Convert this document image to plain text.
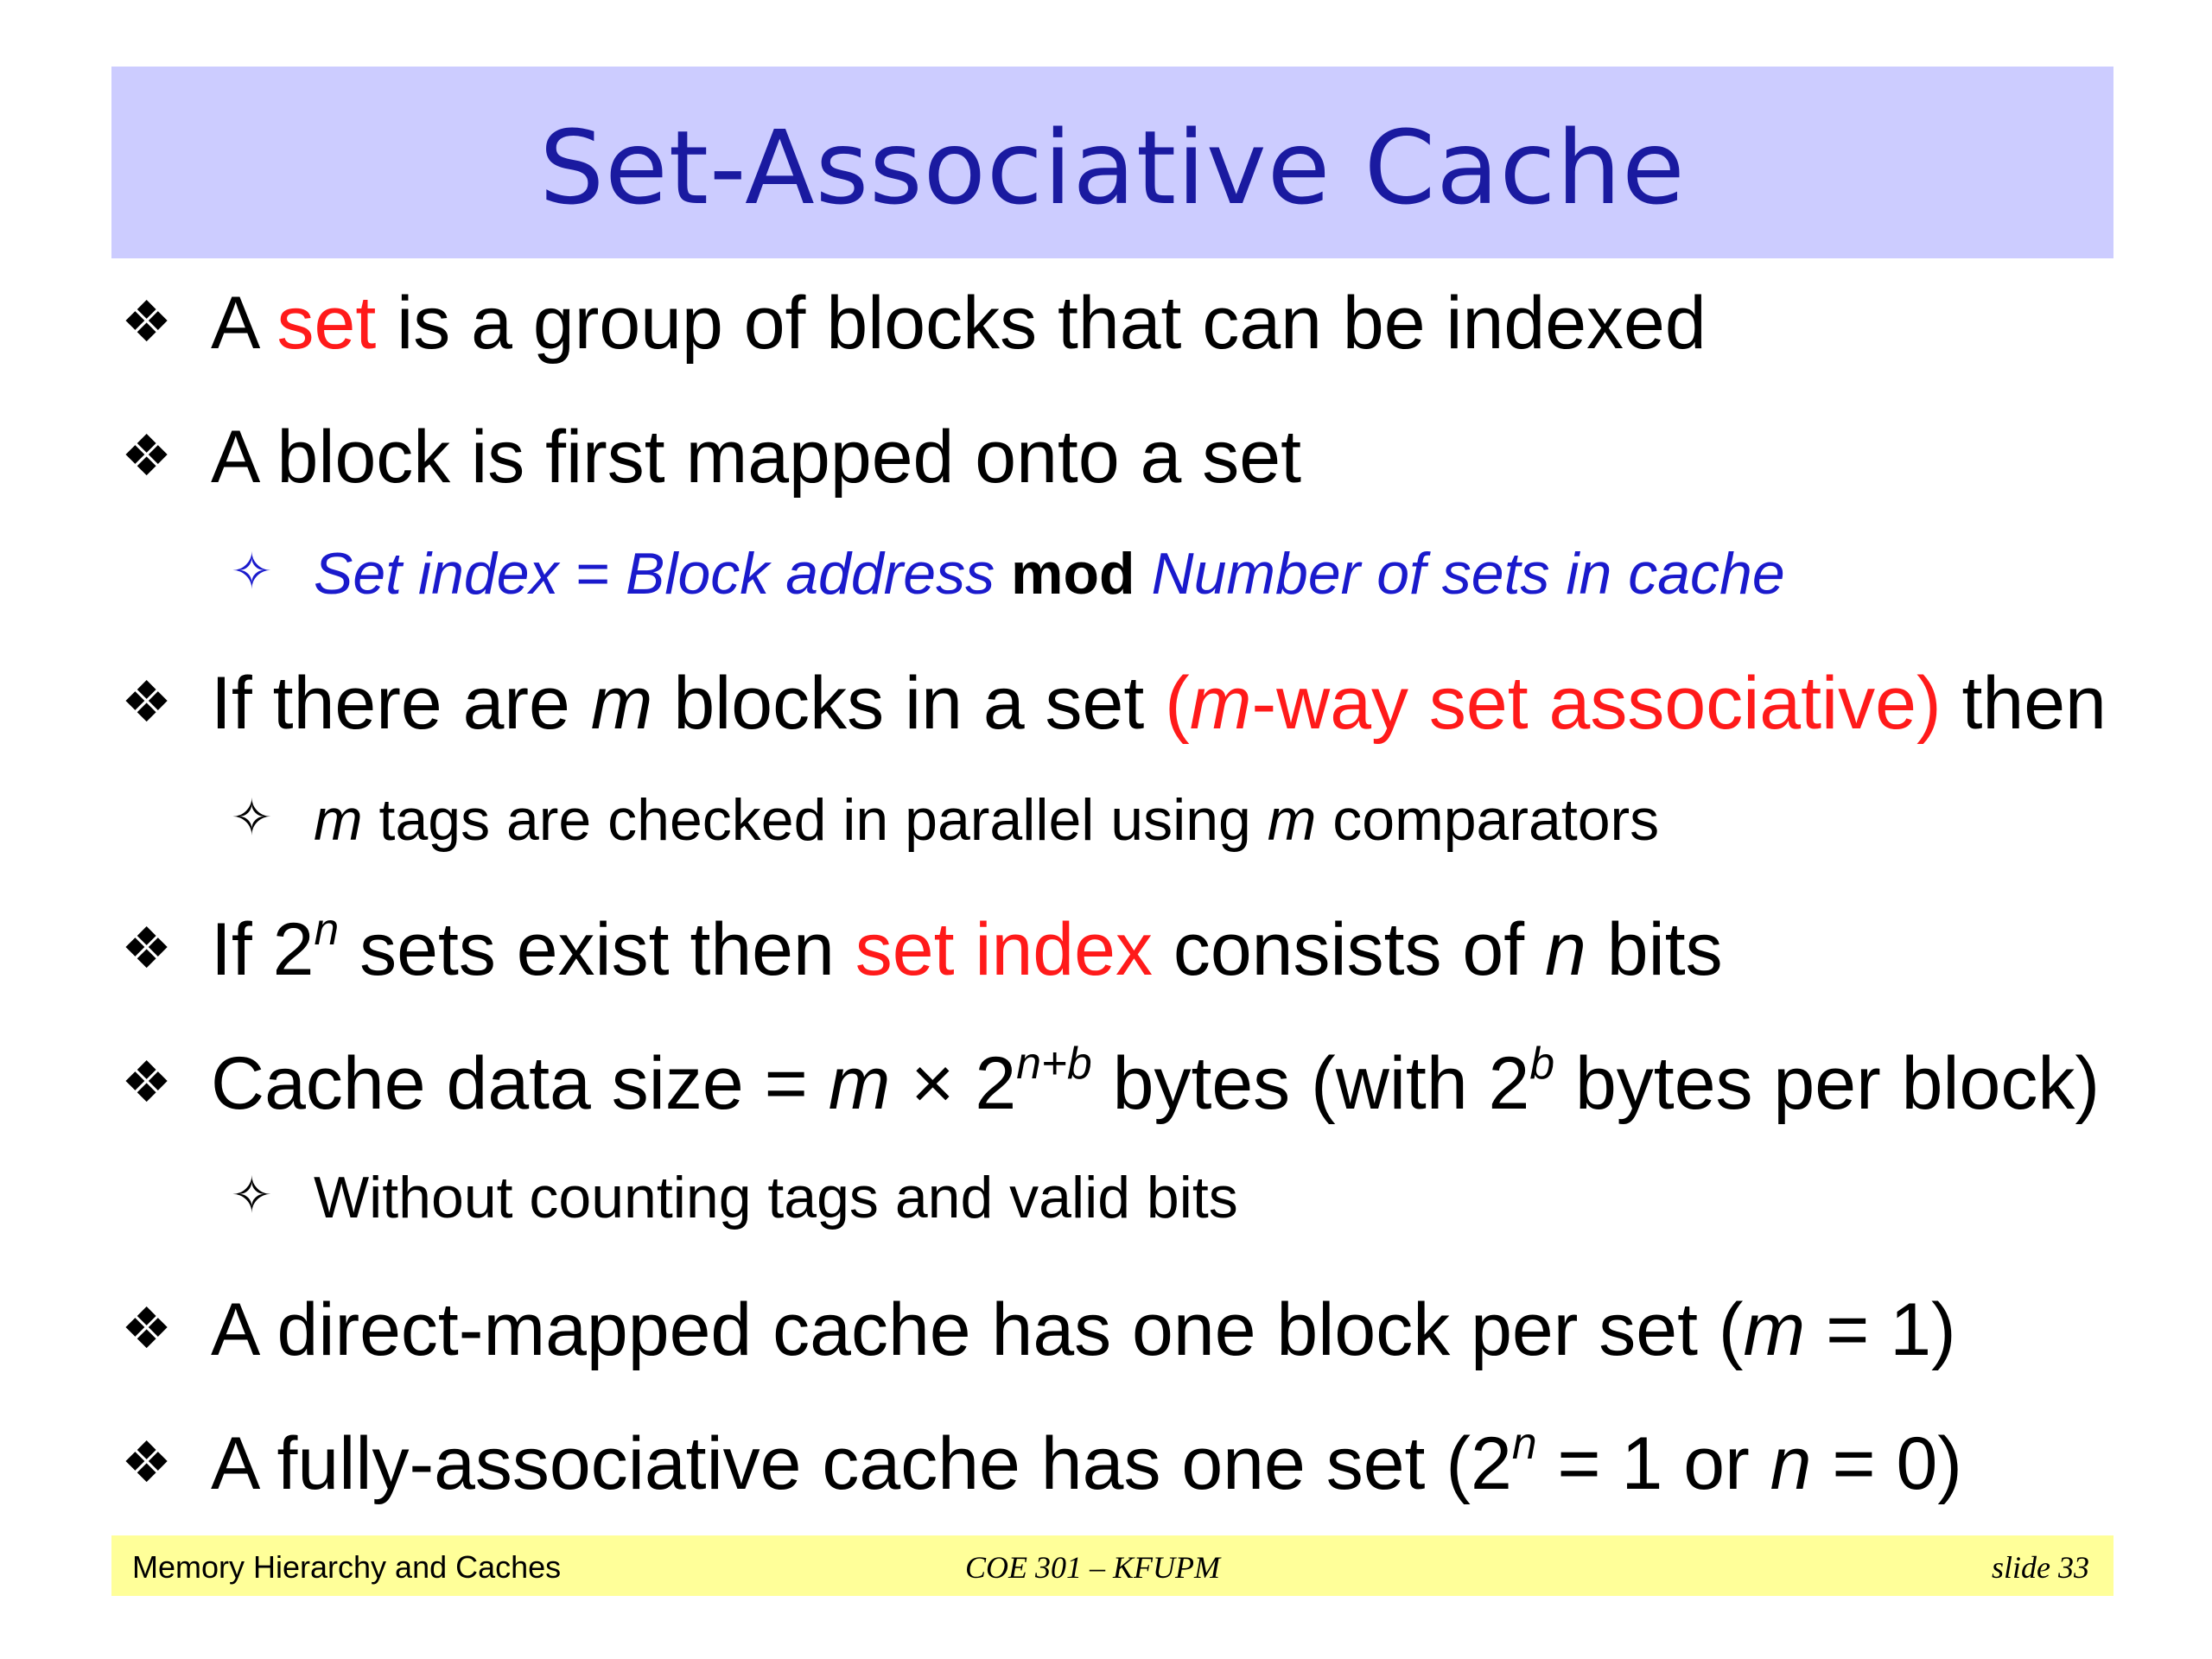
Set-Associative Cache
❖ A set is a group of blocks that can be indexed
❖ A block is first mapped onto a set
✧ Set index = Block address mod Number of sets in cache
❖ If there are m blocks in a set (m-way set associative) then
✧ m tags are checked in parallel using m comparators
❖ If 2$^n$ sets exist then set index consists of n bits
❖ Cache data size = $m \times 2^{n+b}$ bytes (with 2$^b$ bytes per block)
✧ Without counting tags and valid bits
❖ A direct-mapped cache has one block per set (m = 1)
❖ A fully-associative cache has one set ($2^n = 1$ or n = 0)
Memory Hierarchy and Caches	COE 301 – KFUPM	slide 33
